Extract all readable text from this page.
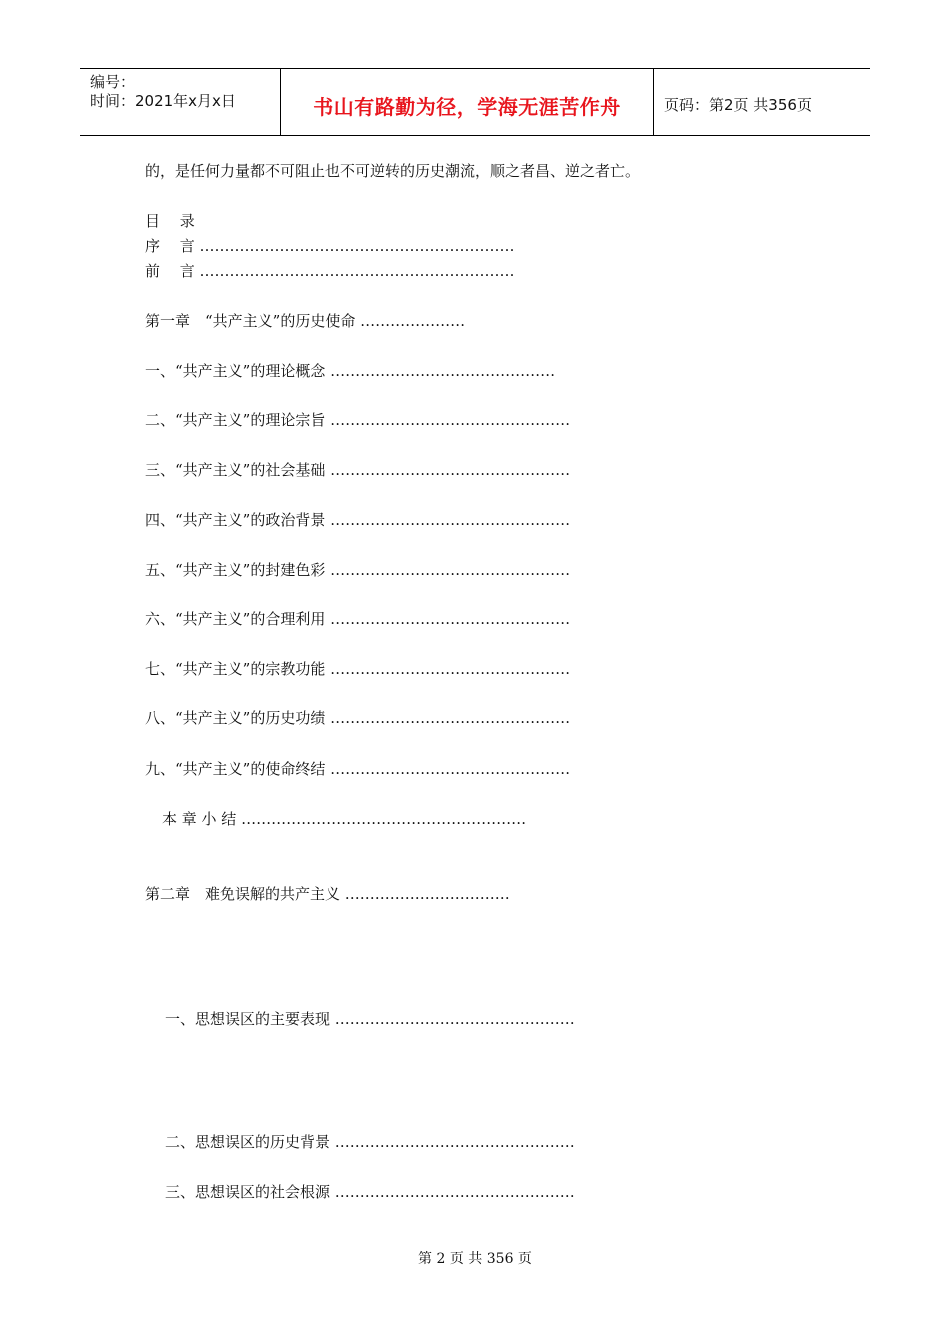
编号：
时间：2021年x月x日	书山有路勤为径，学海无涯苦作舟	页码：第2页 共356页
的，是任何力量都不可阻止也不可逆转的历史潮流，顺之者昌、逆之者亡。
目　 录
序　 言 ………………………………………………………
前　 言 ………………………………………………………
第一章　“共产主义”的历史使命 …………………
一、“共产主义”的理论概念 ………………………………………
二、“共产主义”的理论宗旨 …………………………………………
三、“共产主义”的社会基础 …………………………………………
四、“共产主义”的政治背景 …………………………………………
五、“共产主义”的封建色彩 …………………………………………
六、“共产主义”的合理利用 …………………………………………
七、“共产主义”的宗教功能 …………………………………………
八、“共产主义”的历史功绩 …………………………………………
九、“共产主义”的使命终结 …………………………………………
本 章 小 结 …………………………………………………
第二章　难免误解的共产主义 ……………………………
一、思想误区的主要表现 …………………………………………
二、思想误区的历史背景 …………………………………………
三、思想误区的社会根源 …………………………………………
第 2 页 共 356 页
